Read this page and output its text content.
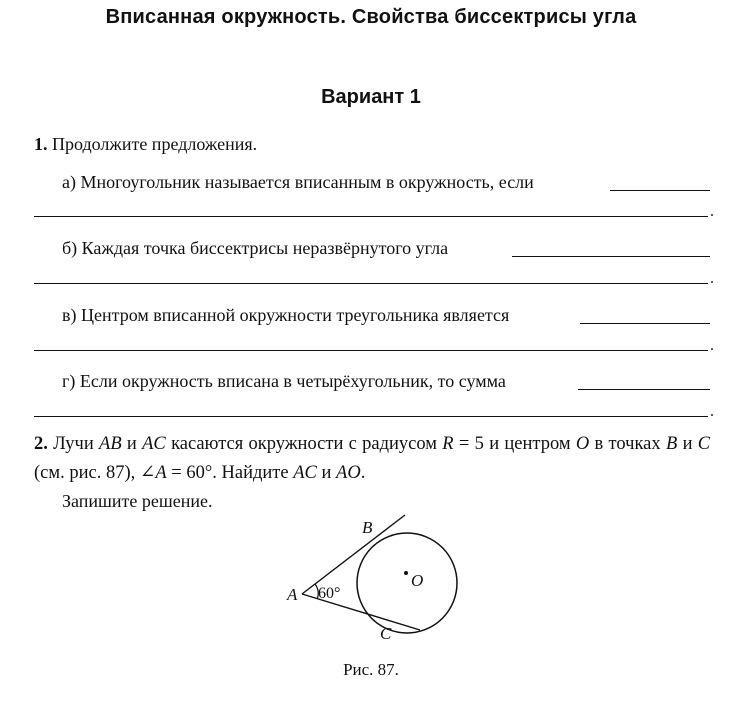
Вписанная окружность. Свойства биссектрисы угла
Вариант 1
1. Продолжите предложения.
а) Многоугольник называется вписанным в окружность, если
.
б) Каждая точка биссектрисы неразвёрнутого угла
.
в) Центром вписанной окружности треугольника является
.
г) Если окружность вписана в четырёхугольник, то сумма
.
2. Лучи AB и AC касаются окружности с радиусом R = 5 и центром O в точках B и C (см. рис. 87), ∠A = 60°. Найдите AC и AO.
Запишите решение.
A
B
C
O
60°
Рис. 87.
